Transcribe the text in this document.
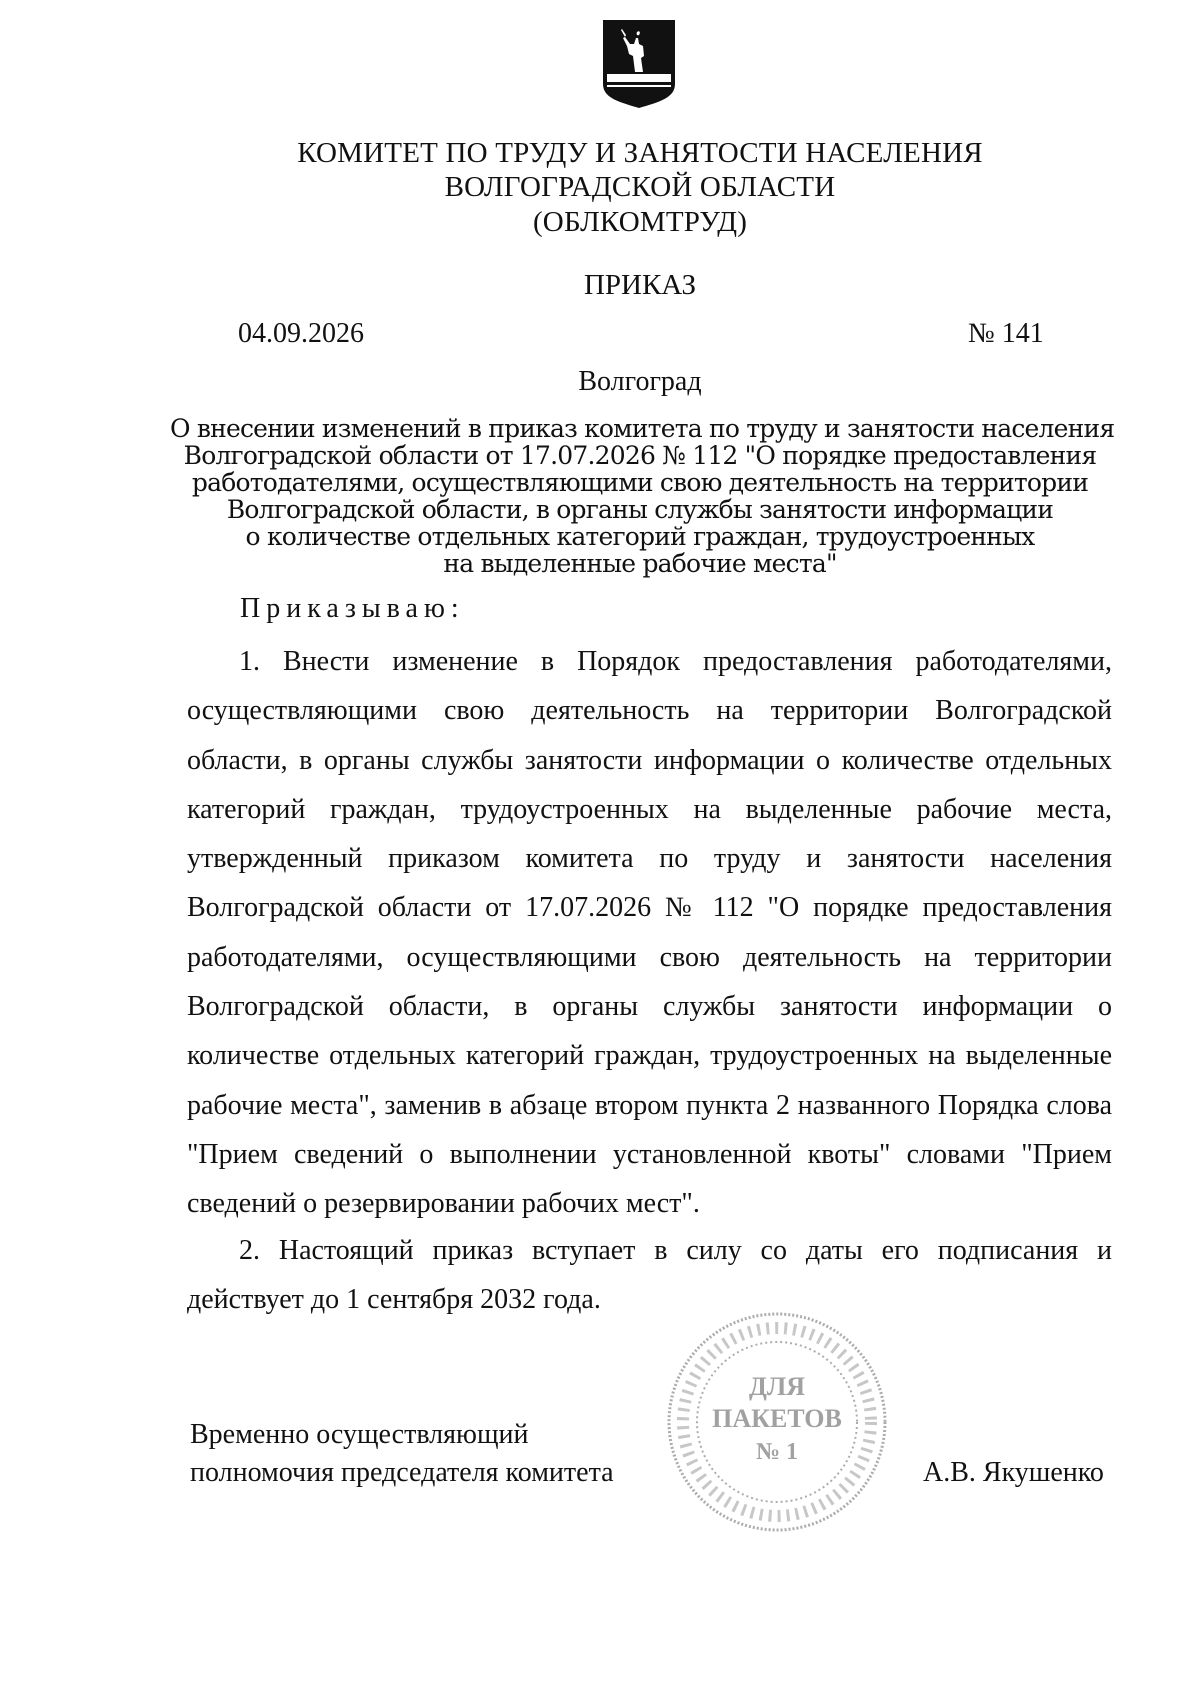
КОМИТЕТ ПО ТРУДУ И ЗАНЯТОСТИ НАСЕЛЕНИЯ
ВОЛГОГРАДСКОЙ ОБЛАСТИ
(ОБЛКОМТРУД)
ПРИКАЗ
04.09.2026	№ 141
Волгоград
О внесении изменений в приказ комитета по труду и занятости населения
Волгоградской области от 17.07.2026 № 112 "О порядке предоставления
работодателями, осуществляющими свою деятельность на территории
Волгоградской области, в органы службы занятости информации
о количестве отдельных категорий граждан, трудоустроенных
на выделенные рабочие места"
Приказываю:
1. Внести изменение в Порядок предоставления работодателями, осуществляющими свою деятельность на территории Волгоградской области, в органы службы занятости информации о количестве отдельных категорий граждан, трудоустроенных на выделенные рабочие места, утвержденный приказом комитета по труду и занятости населения Волгоградской области от 17.07.2026 № 112 "О порядке предоставления работодателями, осуществляющими свою деятельность на территории Волгоградской области, в органы службы занятости информации о количестве отдельных категорий граждан, трудоустроенных на выделенные рабочие места", заменив в абзаце втором пункта 2 названного Порядка слова "Прием сведений о выполнении установленной квоты" словами "Прием сведений о резервировании рабочих мест".
2. Настоящий приказ вступает в силу со даты его подписания и действует до 1 сентября 2032 года.
Временно осуществляющий
полномочия председателя комитета
ДЛЯ
ПАКЕТОВ
№ 1
А.В. Якушенко
